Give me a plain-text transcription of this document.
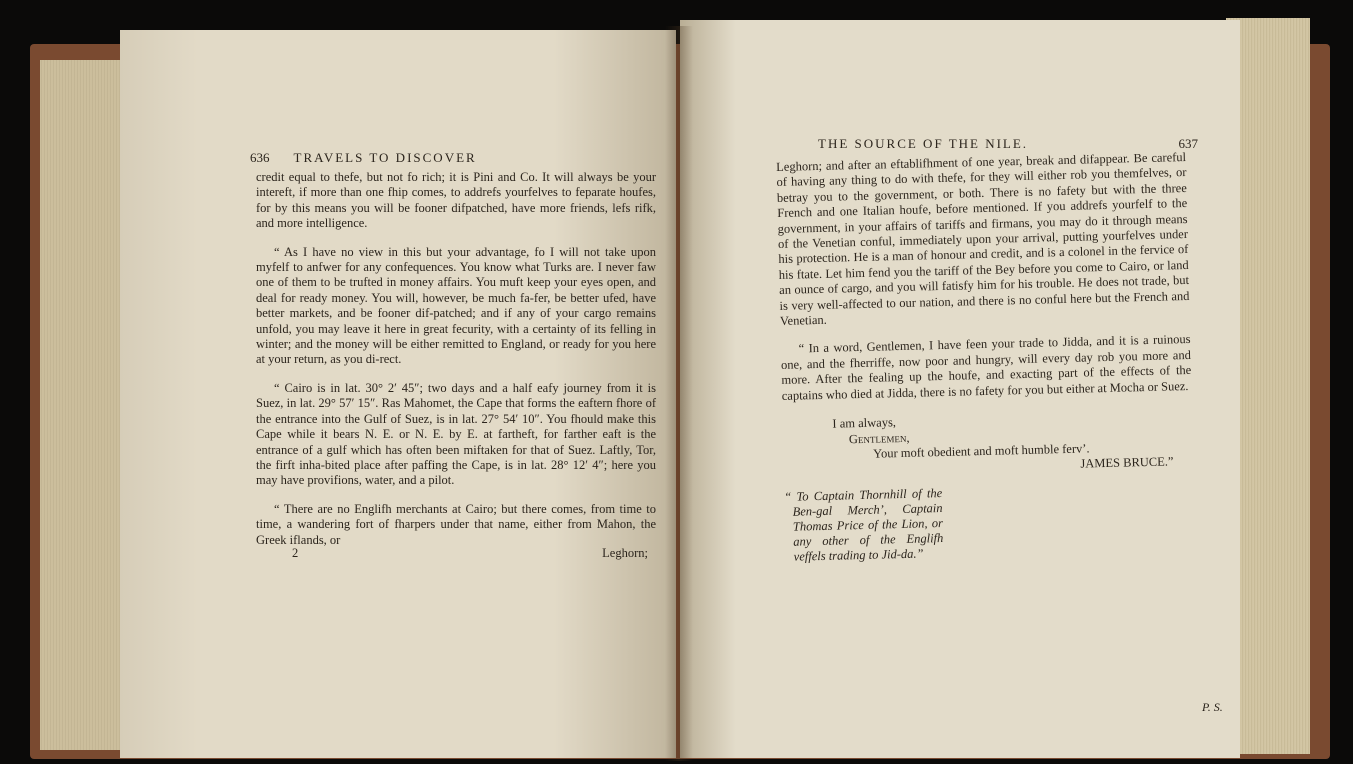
636 TRAVELS TO DISCOVER

credit equal to thefe, but not fo rich; it is Pini and Co. It will always be your intereft, if more than one fhip comes, to addrefs yourfelves to feparate houfes, for by this means you will be fooner difpatched, have more friends, lefs rifk, and more intelligence.

“ As I have no view in this but your advantage, fo I will not take upon myfelf to anfwer for any confequences. You know what Turks are. I never faw one of them to be trufted in money affairs. You muft keep your eyes open, and deal for ready money. You will, however, be much fa-fer, be better ufed, have better markets, and be fooner dif-patched; and if any of your cargo remains unfold, you may leave it here in great fecurity, with a certainty of its felling in winter; and the money will be either remitted to England, or ready for you here at your return, as you di-rect.

“ Cairo is in lat. 30° 2′ 45″; two days and a half eafy journey from it is Suez, in lat. 29° 57′ 15″. Ras Mahomet, the Cape that forms the eaftern fhore of the entrance into the Gulf of Suez, is in lat. 27° 54′ 10″. You fhould make this Cape while it bears N. E. or N. E. by E. at fartheft, for farther eaft is the entrance of a gulf which has often been miftaken for that of Suez. Laftly, Tor, the firft inha-bited place after paffing the Cape, is in lat. 28° 12′ 4″; here you may have provifions, water, and a pilot.

“ There are no Englifh merchants at Cairo; but there comes, from time to time, a wandering fort of fharpers under that name, either from Mahon, the Greek iflands, or

2	Leghorn;
THE SOURCE OF THE NILE.	637

Leghorn; and after an eftablifhment of one year, break and difappear. Be careful of having any thing to do with thefe, for they will either rob you themfelves, or betray you to the government, or both. There is no fafety but with the three French and one Italian houfe, before mentioned. If you addrefs yourfelf to the government, in your affairs of tariffs and firmans, you may do it through means of the Venetian conful, immediately upon your arrival, putting yourfelves under his protection. He is a man of honour and credit, and is a colonel in the fervice of his ftate. Let him fend you the tariff of the Bey before you come to Cairo, or land an ounce of cargo, and you will fatisfy him for his trouble. He does not trade, but is very well-affected to our nation, and there is no conful here but the French and Venetian.

“ In a word, Gentlemen, I have feen your trade to Jidda, and it is a ruinous one, and the fherriffe, now poor and hungry, will every day rob you more and more. After the fealing up the houfe, and exacting part of the effects of the captains who died at Jidda, there is no fafety for you but either at Mocha or Suez.

I am always,
Gentlemen,
Your moft obedient and moft humble ferv’.
JAMES BRUCE.”
“ To Captain Thornhill of the Ben-gal Merch’, Captain Thomas Price of the Lion, or any other of the Englifh veffels trading to Jid-da.”
P. S.
